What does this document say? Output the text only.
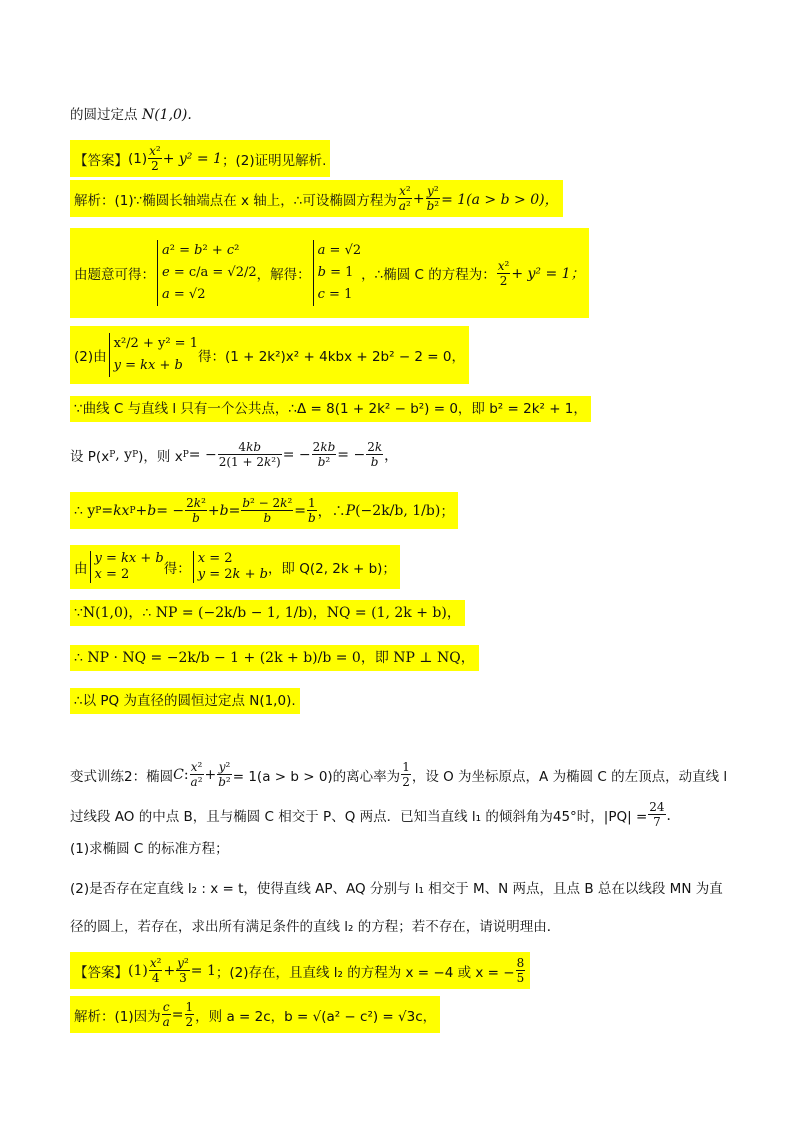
的圆过定点 N(1,0).
【答案】 $(1) \frac{\text{x²}}{2} + y^2 = 1$ ；(2)证明见解析.
解析：(1)∵椭圆长轴端点在 x 轴上，∴可设椭圆方程为 $\frac{\text{x²}}{\text{a²}} + \frac{\text{y²}}{\text{b²}} = 1(a > b > 0)$，
由题意可得：
a² = b² + c²
e = c/a = √2/2
a = √2
，解得：
a = √2
b = 1
c = 1
，∴椭圆 C 的方程为： $\frac{\text{x²}}{2} + y^2 = 1$；
(2)由
x²/2 + y² = 1
y = kx + b
得：(1 + 2k²)x² + 4kbx + 2b² − 2 = 0，
∵曲线 C 与直线 l 只有一个公共点，∴Δ = 8(1 + 2k² − b²) = 0，即 b² = 2k² + 1，
设 P(x P , y P )，则 x P = − $\frac{4kb}{\text{2(1 + 2k²)}}$ = − $\frac{2kb}{\text{b²}}$ = − $\frac{2k}{b}$ ，
∴ y P = kx P + b = − $\frac{\text{2k²}}{b} + b = \frac{\text{b² − 2k²}}{b} = \frac{1}{b}$ ，∴ P (−2k/b, 1/b) ；
由
y = kx + b
x = 2	得：
x = 2
y = 2k + b ，即 Q(2, 2k + b)；
∵N(1,0)，∴ NP = (−2k/b − 1, 1/b)，NQ = (1, 2k + b)，
∴ NP · NQ = −2k/b − 1 + (2k + b)/b = 0，即 NP ⊥ NQ，
∴以 PQ 为直径的圆恒过定点 N(1,0).
变式训练2：椭圆 C : $\frac{\text{x²}}{\text{a²}} + \frac{\text{y²}}{\text{b²}} = 1(a > b > 0)$的离心率为 $\frac{1}{2}$ ，设 O 为坐标原点，A 为椭圆 C 的左顶点，动直线 l
过线段 AO 的中点 B，且与椭圆 C 相交于 P、Q 两点．已知当直线 l₁ 的倾斜角为45°时，$|PQ| = \frac{24}{7}$ ．
(1)求椭圆 C 的标准方程；
(2)是否存在定直线 l₂ : x = t，使得直线 AP、AQ 分别与 l₁ 相交于 M、N 两点，且点 B 总在以线段 MN 为直
径的圆上，若存在，求出所有满足条件的直线 l₂ 的方程；若不存在，请说明理由．
【答案】 $(1) \frac{\text{x²}}{4} + \frac{\text{y²}}{3} = 1$ ；(2)存在，且直线 l₂ 的方程为 x = −4 或 x = − $\frac{8}{5}$
解析：(1)因为 $\frac{c}{a} = \frac{1}{2}$ ，则 a = 2c，b = √(a² − c²) = √3c，
